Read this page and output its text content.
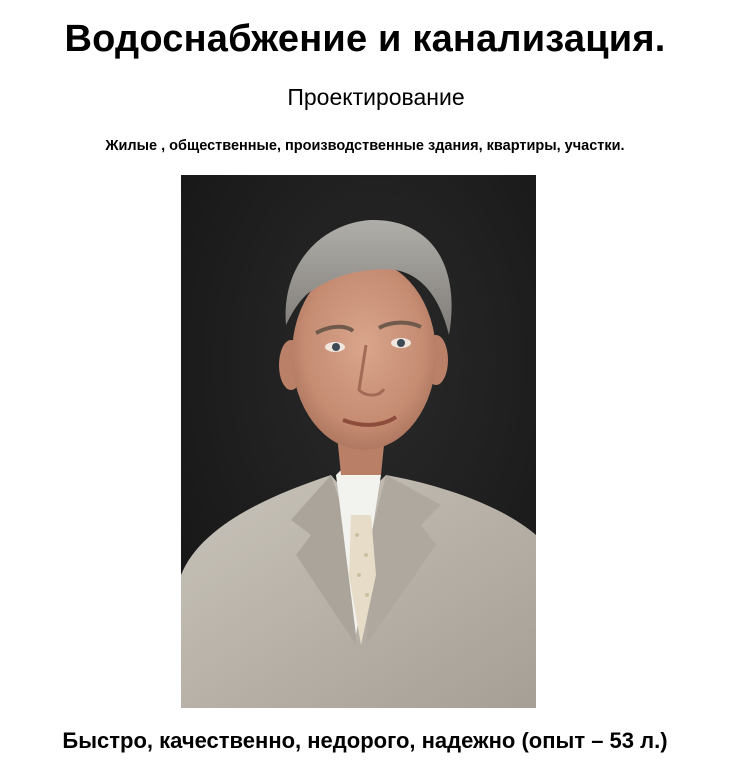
Водоснабжение и канализация.
Проектирование
Жилые , общественные, производственные здания, квартиры, участки.
Быстро, качественно, недорого, надежно (опыт – 53 л.)
